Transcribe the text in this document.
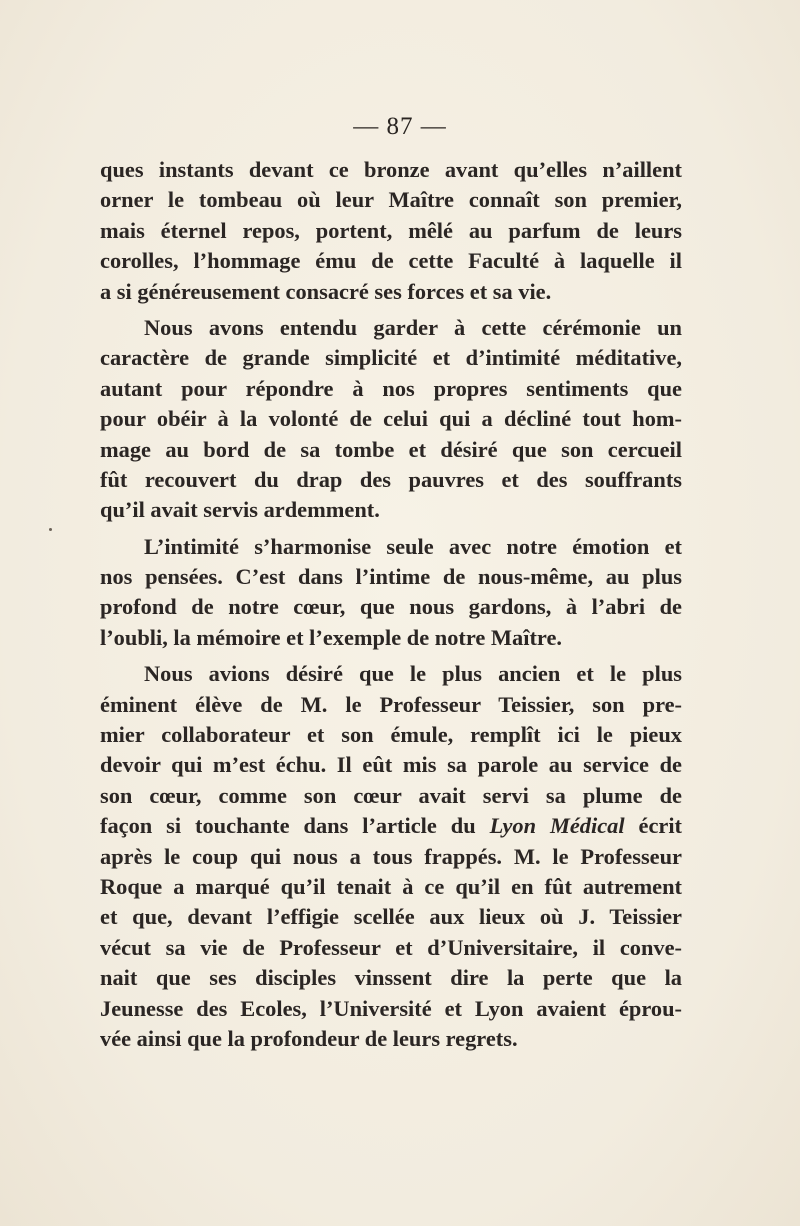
— 87 —
ques instants devant ce bronze avant qu’elles n’aillent
orner le tombeau où leur Maître connaît son premier,
mais éternel repos, portent, mêlé au parfum de leurs
corolles, l’hommage ému de cette Faculté à laquelle il
a si généreusement consacré ses forces et sa vie.
Nous avons entendu garder à cette cérémonie un
caractère de grande simplicité et d’intimité méditative,
autant pour répondre à nos propres sentiments que
pour obéir à la volonté de celui qui a décliné tout hom-
mage au bord de sa tombe et désiré que son cercueil
fût recouvert du drap des pauvres et des souffrants
qu’il avait servis ardemment.
L’intimité s’harmonise seule avec notre émotion et
nos pensées. C’est dans l’intime de nous-même, au plus
profond de notre cœur, que nous gardons, à l’abri de
l’oubli, la mémoire et l’exemple de notre Maître.
Nous avions désiré que le plus ancien et le plus
éminent élève de M. le Professeur Teissier, son pre-
mier collaborateur et son émule, remplît ici le pieux
devoir qui m’est échu. Il eût mis sa parole au service de
son cœur, comme son cœur avait servi sa plume de
façon si touchante dans l’article du Lyon Médical écrit
après le coup qui nous a tous frappés. M. le Professeur
Roque a marqué qu’il tenait à ce qu’il en fût autrement
et que, devant l’effigie scellée aux lieux où J. Teissier
vécut sa vie de Professeur et d’Universitaire, il conve-
nait que ses disciples vinssent dire la perte que la
Jeunesse des Ecoles, l’Université et Lyon avaient éprou-
vée ainsi que la profondeur de leurs regrets.
